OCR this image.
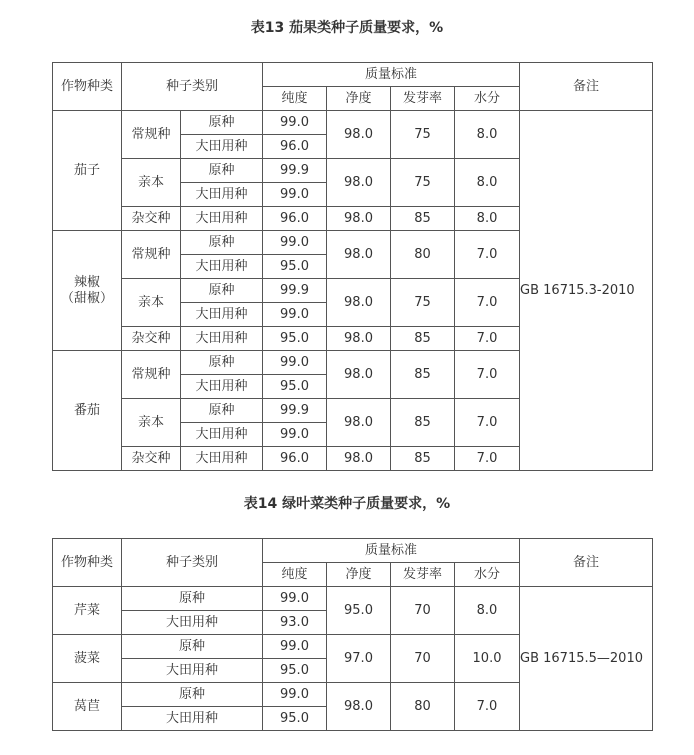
表13 茄果类种子质量要求，%
作物种类	种子类别		质量标准				备注
			纯度	净度	发芽率	水分	
茄子	常规种	原种	99.0	98.0	75	8.0	GB 16715.3-2010
		大田用种	96.0				
	亲本	原种	99.9	98.0	75	8.0	
		大田用种	99.0				
	杂交种	大田用种	96.0	98.0	85	8.0	
辣椒
（甜椒）	常规种	原种	99.0	98.0	80	7.0	
		大田用种	95.0				
	亲本	原种	99.9	98.0	75	7.0	
		大田用种	99.0				
	杂交种	大田用种	95.0	98.0	85	7.0	
番茄	常规种	原种	99.0	98.0	85	7.0	
		大田用种	95.0				
	亲本	原种	99.9	98.0	85	7.0	
		大田用种	99.0				
	杂交种	大田用种	96.0	98.0	85	7.0	
表14 绿叶菜类种子质量要求，%
作物种类	种子类别	质量标准				备注
		纯度	净度	发芽率	水分	
芹菜	原种	99.0	95.0	70	8.0	GB 16715.5—2010
	大田用种	93.0				
菠菜	原种	99.0	97.0	70	10.0	
	大田用种	95.0				
莴苣	原种	99.0	98.0	80	7.0	
	大田用种	95.0				
